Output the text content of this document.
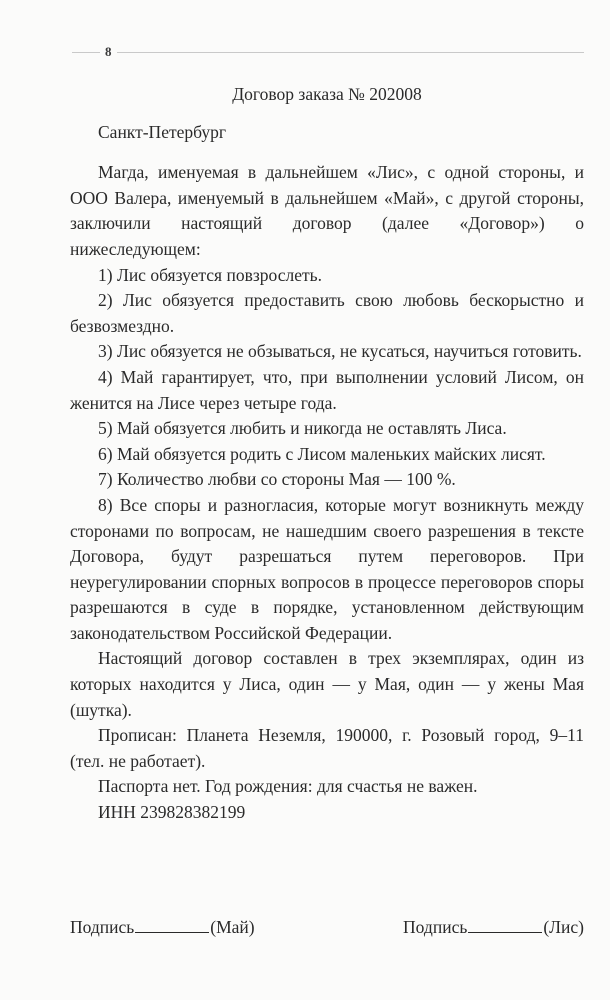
8

Договор заказа № 202008

Санкт-Петербург

Магда, именуемая в дальнейшем «Лис», с одной стороны, и ООО Валера, именуемый в дальнейшем «Май», с другой стороны, заключили настоящий договор (далее «Договор») о нижеследующем:

1) Лис обязуется повзрослеть.

2) Лис обязуется предоставить свою любовь бескорыстно и безвозмездно.

3) Лис обязуется не обзываться, не кусаться, научиться готовить.

4) Май гарантирует, что, при выполнении условий Лисом, он женится на Лисе через четыре года.

5) Май обязуется любить и никогда не оставлять Лиса.

6) Май обязуется родить с Лисом маленьких майских лисят.

7) Количество любви со стороны Мая — 100 %.

8) Все споры и разногласия, которые могут возникнуть между сторонами по вопросам, не нашедшим своего разрешения в тексте Договора, будут разрешаться путем переговоров. При неурегулировании спорных вопросов в процессе переговоров споры разрешаются в суде в порядке, установленном действующим законодательством Российской Федерации.

Настоящий договор составлен в трех экземплярах, один из которых находится у Лиса, один — у Мая, один — у жены Мая (шутка).

Прописан: Планета Неземля, 190000, г. Розовый город, 9–11 (тел. не работает).

Паспорта нет. Год рождения: для счастья не важен.

ИНН 239828382199

Подпись	(Май)	Подпись	(Лис)
